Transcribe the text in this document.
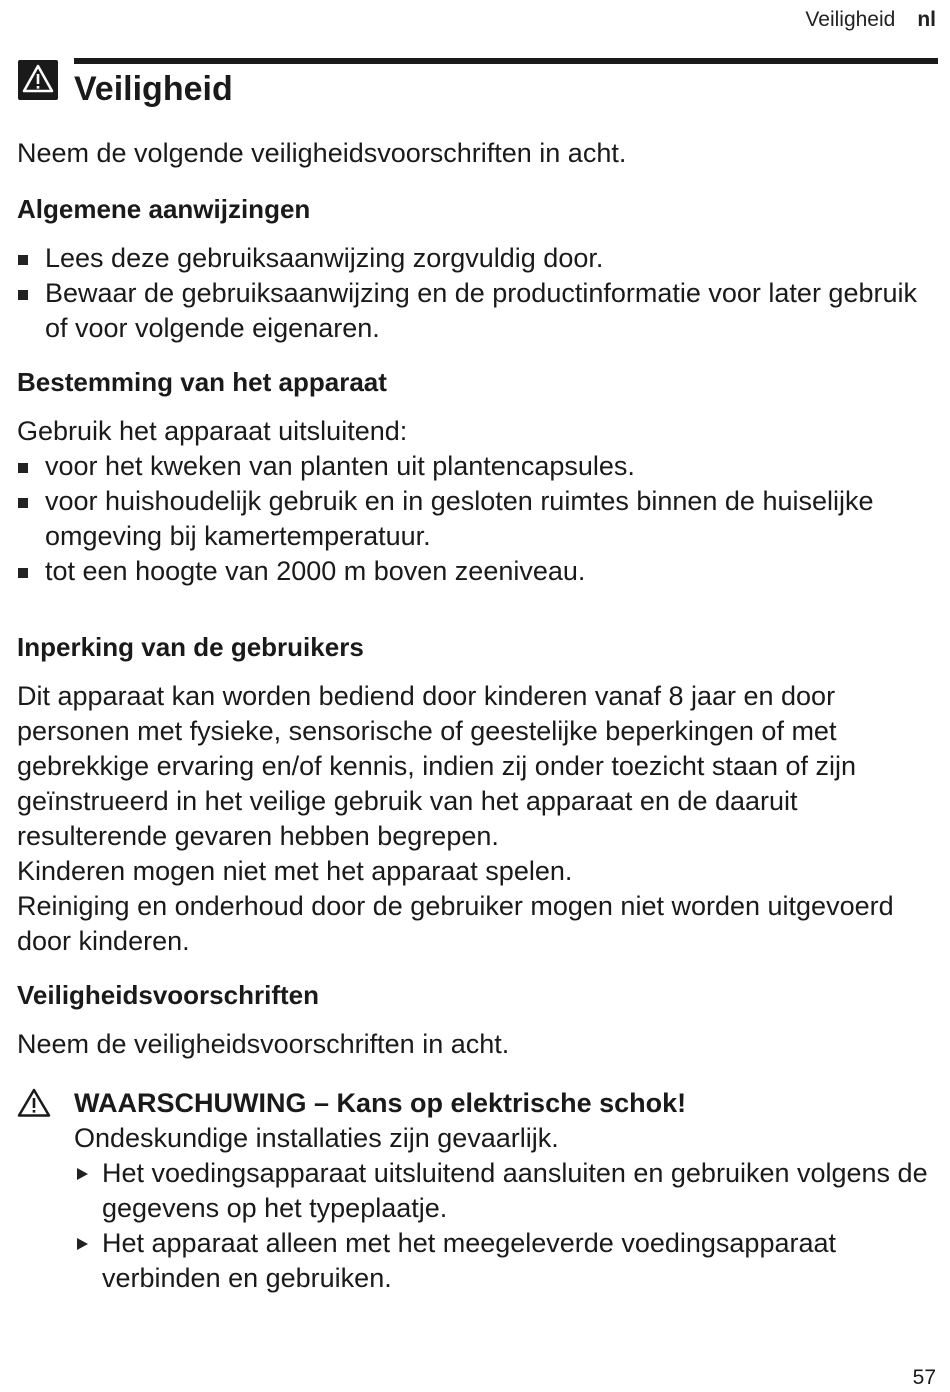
Veiligheid nl
Veiligheid

Neem de volgende veiligheidsvoorschriften in acht.

Algemene aanwijzingen
Lees deze gebruiksaanwijzing zorgvuldig door.
Bewaar de gebruiksaanwijzing en de productinformatie voor later gebruik of voor volgende eigenaren.
Bestemming van het apparaat

Gebruik het apparaat uitsluitend:

voor het kweken van planten uit plantencapsules.
voor huishoudelijk gebruik en in gesloten ruimtes binnen de huiselijke omgeving bij kamertemperatuur.
tot een hoogte van 2000 m boven zeeniveau.
Inperking van de gebruikers

Dit apparaat kan worden bediend door kinderen vanaf 8 jaar en door personen met fysieke, sensorische of geestelijke beperkingen of met gebrekkige ervaring en/of kennis, indien zij onder toezicht staan of zijn geïnstrueerd in het veilige gebruik van het apparaat en de daaruit resulterende gevaren hebben begrepen.

Kinderen mogen niet met het apparaat spelen.

Reiniging en onderhoud door de gebruiker mogen niet worden uitgevoerd door kinderen.

Veiligheidsvoorschriften

Neem de veiligheidsvoorschriften in acht.

WAARSCHUWING – Kans op elektrische schok!

Ondeskundige installaties zijn gevaarlijk.

Het voedingsapparaat uitsluitend aansluiten en gebruiken volgens de gegevens op het typeplaatje.
Het apparaat alleen met het meegeleverde voedingsapparaat verbinden en gebruiken.
57
